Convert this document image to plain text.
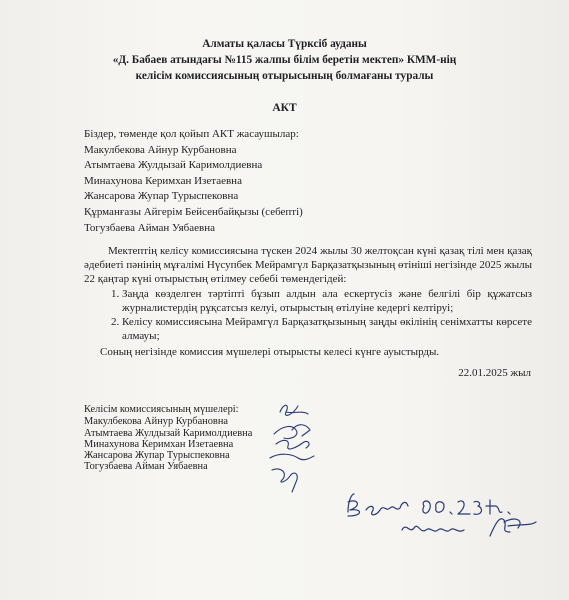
Алматы қаласы Түрксіб ауданы
«Д. Бабаев атындағы №115 жалпы білім беретін мектеп» КММ-нің
келісім комиссиясының отырысының болмағаны туралы
АКТ
Біздер, төменде қол қойып АКТ жасаушылар:
Макулбекова Айнур Курбановна
Атымтаева Жулдызай Каримолдиевна
Минахунова Керимхан Изетаевна
Жансарова Жупар Турыспековна
Құрманғазы Айгерім Бейсенбайқызы (себепті)
Тогузбаева Айман Уябаевна

Мектептің келісу комиссиясына түскен 2024 жылы 30 желтоқсан күні қазақ тілі мен қазақ әдебиеті пәнінің мұғалімі Нүсупбек Мейрамгүл Барқазатқызының өтініші негізінде 2025 жылы 22 қаңтар күні отырыстың өтілмеу себебі төмендегідей:

1. Заңда көзделген тәртіпті бұзып алдын ала ескертусіз және белгілі бір құжатсыз журналистердің рұқсатсыз келуі, отырыстың өтілуіне кедергі келтіруі;
2. Келісу комиссиясына Мейрамгүл Барқазатқызының заңды өкілінің сенімхатты көрсете алмауы;

Соның негізінде комиссия мүшелері отырысты келесі күнге ауыстырды.

22.01.2025 жыл
Келісім комиссиясының мүшелері:
Макулбекова Айнур Курбановна
Атымтаева Жулдызай Каримолдиевна
Минахунова Керимхан Изетаевна
Жансарова Жупар Турыспековна
Тогузбаева Айман Уябаевна
